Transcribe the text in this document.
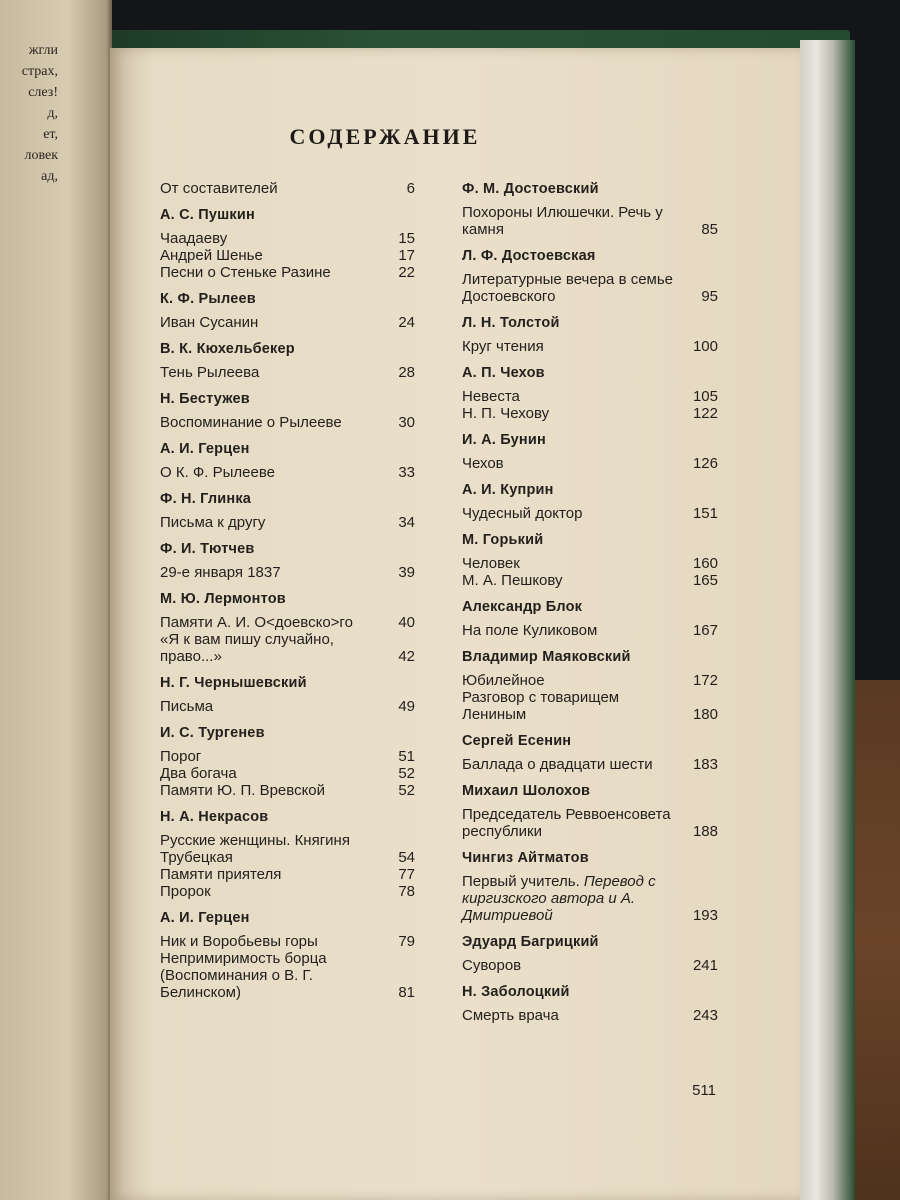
жгли
страх,
слез!
д,
ет,
ловек
ад,
СОДЕРЖАНИЕ
От составителей	6
А. С. Пушкин
Чаадаеву	15
Андрей Шенье	17
Песни о Стеньке Разине	22
К. Ф. Рылеев
Иван Сусанин	24
В. К. Кюхельбекер
Тень Рылеева	28
Н. Бестужев
Воспоминание о Рылееве	30
А. И. Герцен
О К. Ф. Рылееве	33
Ф. Н. Глинка
Письма к другу	34
Ф. И. Тютчев
29-е января 1837	39
М. Ю. Лермонтов
Памяти А. И. О<доевско>го	40
«Я к вам пишу случайно, право...»	42
Н. Г. Чернышевский
Письма	49
И. С. Тургенев
Порог	51
Два богача	52
Памяти Ю. П. Вревской	52
Н. А. Некрасов
Русские женщины. Княгиня Трубецкая	54
Памяти приятеля	77
Пророк	78
А. И. Герцен
Ник и Воробьевы горы	79
Непримиримость борца (Воспоминания о В. Г. Белинском)	81
Ф. М. Достоевский
Похороны Илюшечки. Речь у камня	85
Л. Ф. Достоевская
Литературные вечера в семье Достоевского	95
Л. Н. Толстой
Круг чтения	100
А. П. Чехов
Невеста	105
Н. П. Чехову	122
И. А. Бунин
Чехов	126
А. И. Куприн
Чудесный доктор	151
М. Горький
Человек	160
М. А. Пешкову	165
Александр Блок
На поле Куликовом	167
Владимир Маяковский
Юбилейное	172
Разговор с товарищем Лениным	180
Сергей Есенин
Баллада о двадцати шести	183
Михаил Шолохов
Председатель Реввоенсовета республики	188
Чингиз Айтматов
Первый учитель. Перевод с киргизского автора и А. Дмитриевой	193
Эдуард Багрицкий
Суворов	241
Н. Заболоцкий
Смерть врача	243
511
